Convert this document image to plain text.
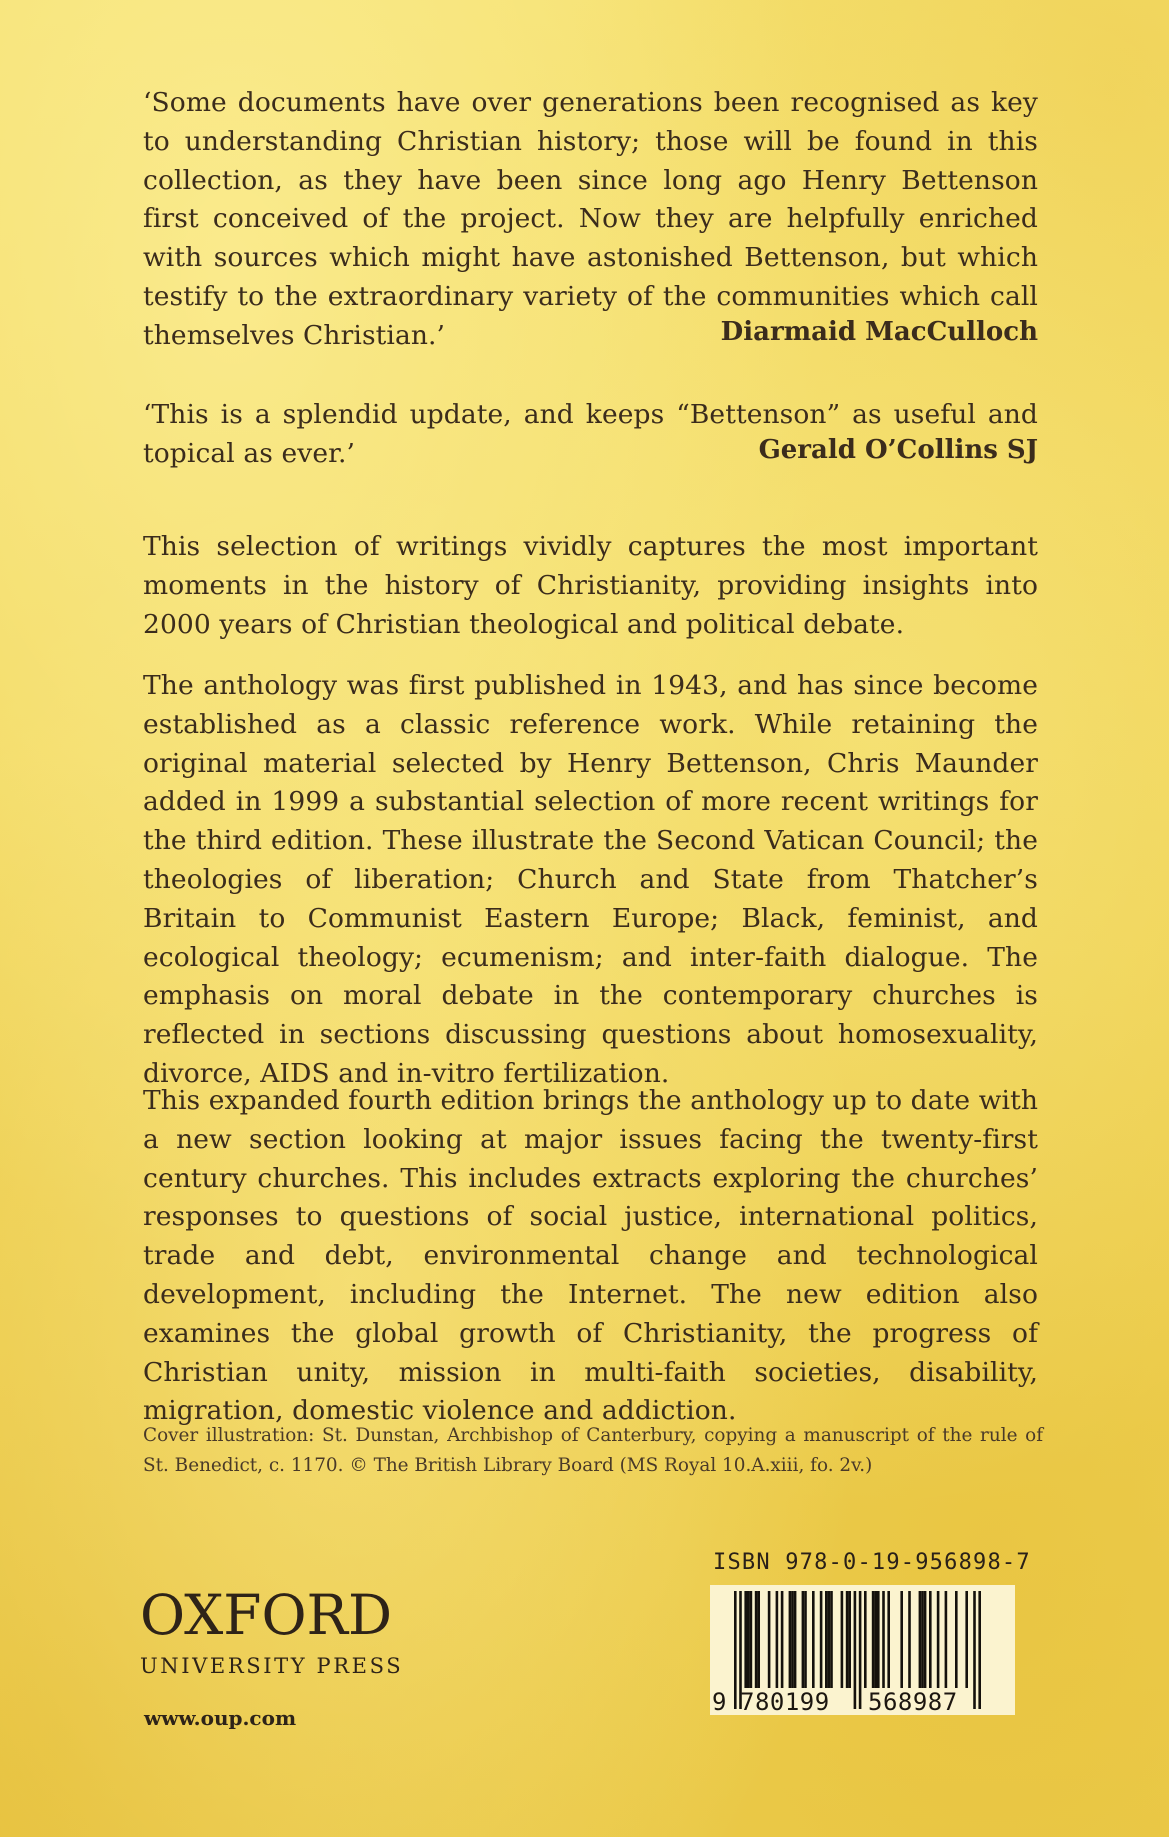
‘Some documents have over generations been recognised as key to understanding Christian history; those will be found in this collection, as they have been since long ago Henry Bettenson first conceived of the project. Now they are helpfully enriched with sources which might have astonished Bettenson, but which testify to the extraordinary variety of the communities which call themselves Christian.’	Diarmaid MacCulloch

‘This is a splendid update, and keeps “Bettenson” as useful and topical as ever.’	Gerald O’Collins SJ

This selection of writings vividly captures the most important moments in the history of Christianity, providing insights into 2000 years of Christian theological and political debate.

The anthology was first published in 1943, and has since become established as a classic reference work. While retaining the original material selected by Henry Bettenson, Chris Maunder added in 1999 a substantial selection of more recent writings for the third edition. These illustrate the Second Vatican Council; the theologies of liberation; Church and State from Thatcher’s Britain to Communist Eastern Europe; Black, feminist, and ecological theology; ecumenism; and inter-faith dialogue. The emphasis on moral debate in the contemporary churches is reflected in sections discussing questions about homosexuality, divorce, AIDS and in-vitro fertilization.

This expanded fourth edition brings the anthology up to date with a new section looking at major issues facing the twenty-first century churches. This includes extracts exploring the churches’ responses to questions of social justice, international politics, trade and debt, environmental change and technological development, including the Internet. The new edition also examines the global growth of Christianity, the progress of Christian unity, mission in multi-faith societies, disability, migration, domestic violence and addiction.

Cover illustration: St. Dunstan, Archbishop of Canterbury, copying a manuscript of the rule of St. Benedict, c. 1170. © The British Library Board (MS Royal 10.A.xiii, fo. 2v.)

OXFORD
UNIVERSITY PRESS
www.oup.com
ISBN 978-0-19-956898-7
9 780199 568987
